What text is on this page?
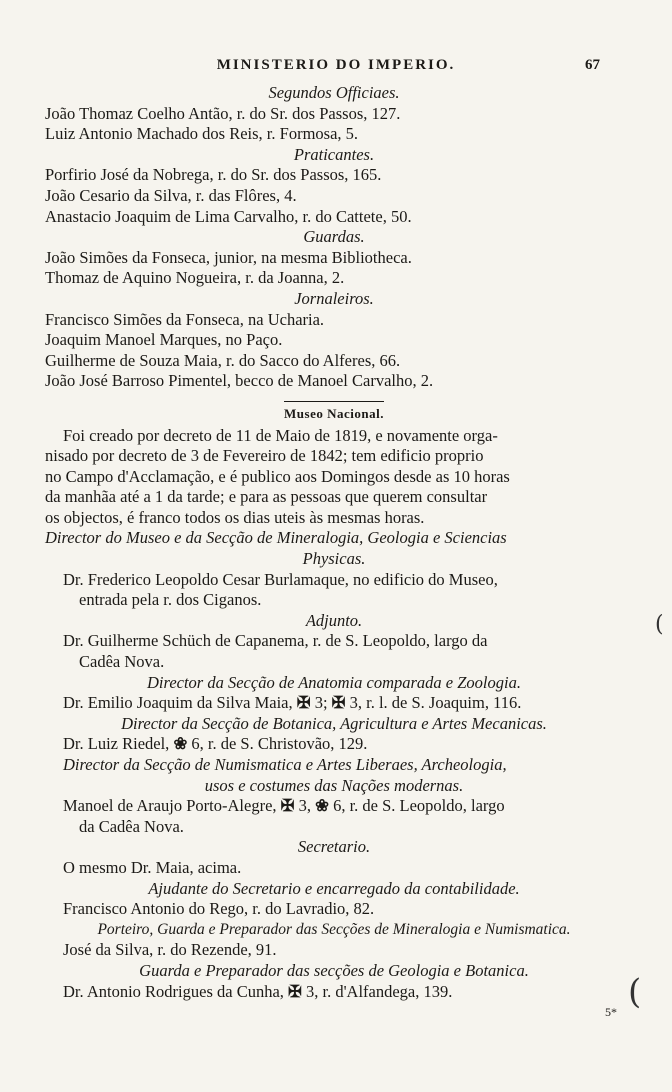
MINISTERIO DO IMPERIO.	67
Segundos Officiaes.
João Thomaz Coelho Antão, r. do Sr. dos Passos, 127.
Luiz Antonio Machado dos Reis, r. Formosa, 5.
Praticantes.
Porfirio José da Nobrega, r. do Sr. dos Passos, 165.
João Cesario da Silva, r. das Flôres, 4.
Anastacio Joaquim de Lima Carvalho, r. do Cattete, 50.
Guardas.
João Simões da Fonseca, junior, na mesma Bibliotheca.
Thomaz de Aquino Nogueira, r. da Joanna, 2.
Jornaleiros.
Francisco Simões da Fonseca, na Ucharia.
Joaquim Manoel Marques, no Paço.
Guilherme de Souza Maia, r. do Sacco do Alferes, 66.
João José Barroso Pimentel, becco de Manoel Carvalho, 2.
Museo Nacional.
Foi creado por decreto de 11 de Maio de 1819, e novamente orga-
nisado por decreto de 3 de Fevereiro de 1842; tem edificio proprio
no Campo d'Acclamação, e é publico aos Domingos desde as 10 horas
da manhãa até a 1 da tarde; e para as pessoas que querem consultar
os objectos, é franco todos os dias uteis às mesmas horas.
Director do Museo e da Secção de Mineralogia, Geologia e Sciencias
Physicas.
Dr. Frederico Leopoldo Cesar Burlamaque, no edificio do Museo,
entrada pela r. dos Ciganos.
Adjunto.
Dr. Guilherme Schüch de Capanema, r. de S. Leopoldo, largo da
Cadêa Nova.
Director da Secção de Anatomia comparada e Zoologia.
Dr. Emilio Joaquim da Silva Maia, ✠ 3; ✠ 3, r. l. de S. Joaquim, 116.
Director da Secção de Botanica, Agricultura e Artes Mecanicas.
Dr. Luiz Riedel, ❀ 6, r. de S. Christovão, 129.
Director da Secção de Numismatica e Artes Liberaes, Archeologia,
usos e costumes das Nações modernas.
Manoel de Araujo Porto-Alegre, ✠ 3, ❀ 6, r. de S. Leopoldo, largo
da Cadêa Nova.
Secretario.
O mesmo Dr. Maia, acima.
Ajudante do Secretario e encarregado da contabilidade.
Francisco Antonio do Rego, r. do Lavradio, 82.
Porteiro, Guarda e Preparador das Secções de Mineralogia e Numismatica.
José da Silva, r. do Rezende, 91.
Guarda e Preparador das secções de Geologia e Botanica.
Dr. Antonio Rodrigues da Cunha, ✠ 3, r. d'Alfandega, 139.
5*
(
(
